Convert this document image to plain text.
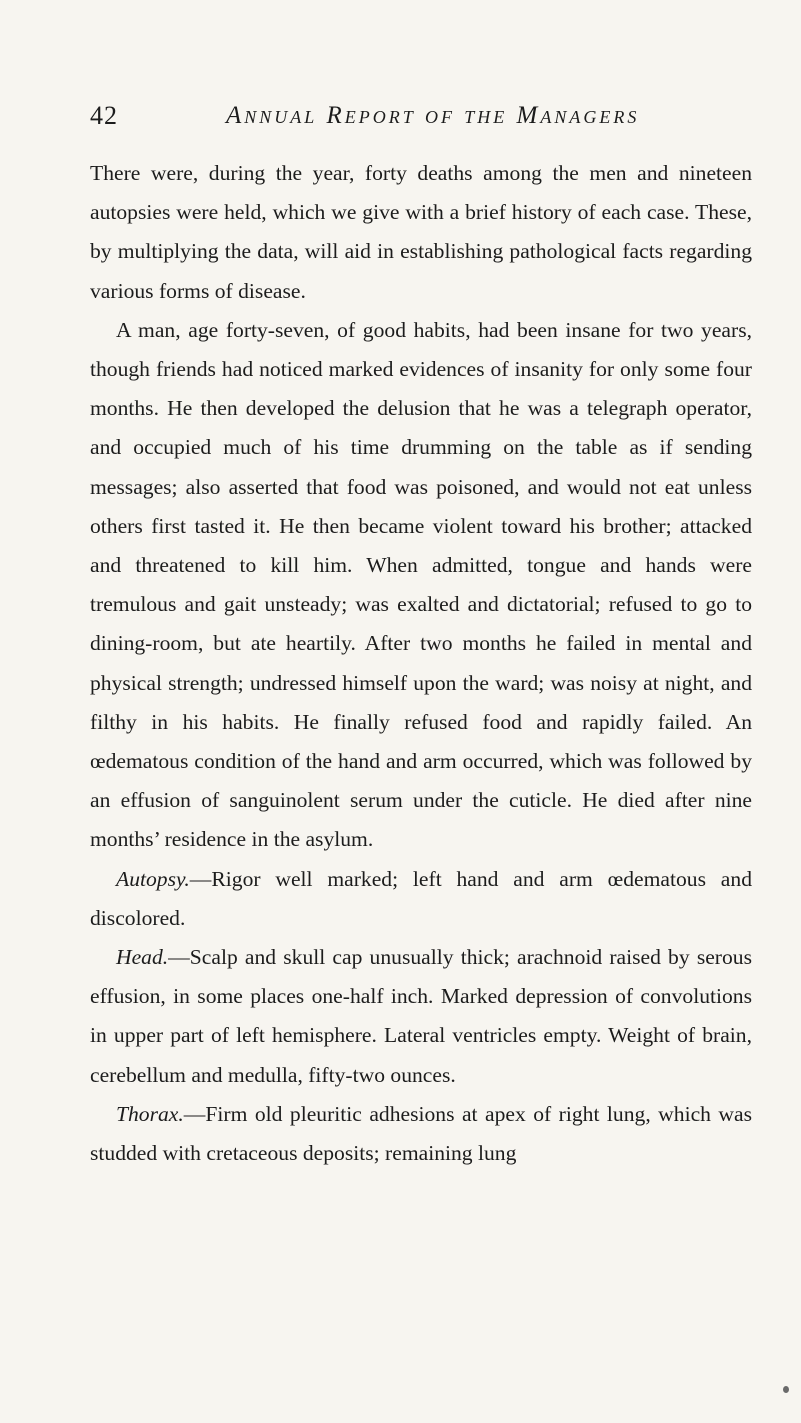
42	Annual Report of the Managers

There were, during the year, forty deaths among the men and nineteen autopsies were held, which we give with a brief history of each case. These, by multiplying the data, will aid in establishing pathological facts regarding various forms of disease.

A man, age forty-seven, of good habits, had been insane for two years, though friends had noticed marked evidences of insanity for only some four months. He then developed the delusion that he was a telegraph operator, and occupied much of his time drumming on the table as if sending messages; also asserted that food was poisoned, and would not eat unless others first tasted it. He then became violent toward his brother; attacked and threatened to kill him. When admitted, tongue and hands were tremulous and gait unsteady; was exalted and dictatorial; refused to go to dining-room, but ate heartily. After two months he failed in mental and physical strength; undressed himself upon the ward; was noisy at night, and filthy in his habits. He finally refused food and rapidly failed. An œdematous condition of the hand and arm occurred, which was followed by an effusion of sanguinolent serum under the cuticle. He died after nine months’ residence in the asylum.

Autopsy.—Rigor well marked; left hand and arm œdematous and discolored.

Head.—Scalp and skull cap unusually thick; arachnoid raised by serous effusion, in some places one-half inch. Marked depression of convolutions in upper part of left hemisphere. Lateral ventricles empty. Weight of brain, cerebellum and medulla, fifty-two ounces.

Thorax.—Firm old pleuritic adhesions at apex of right lung, which was studded with cretaceous deposits; remaining lung
